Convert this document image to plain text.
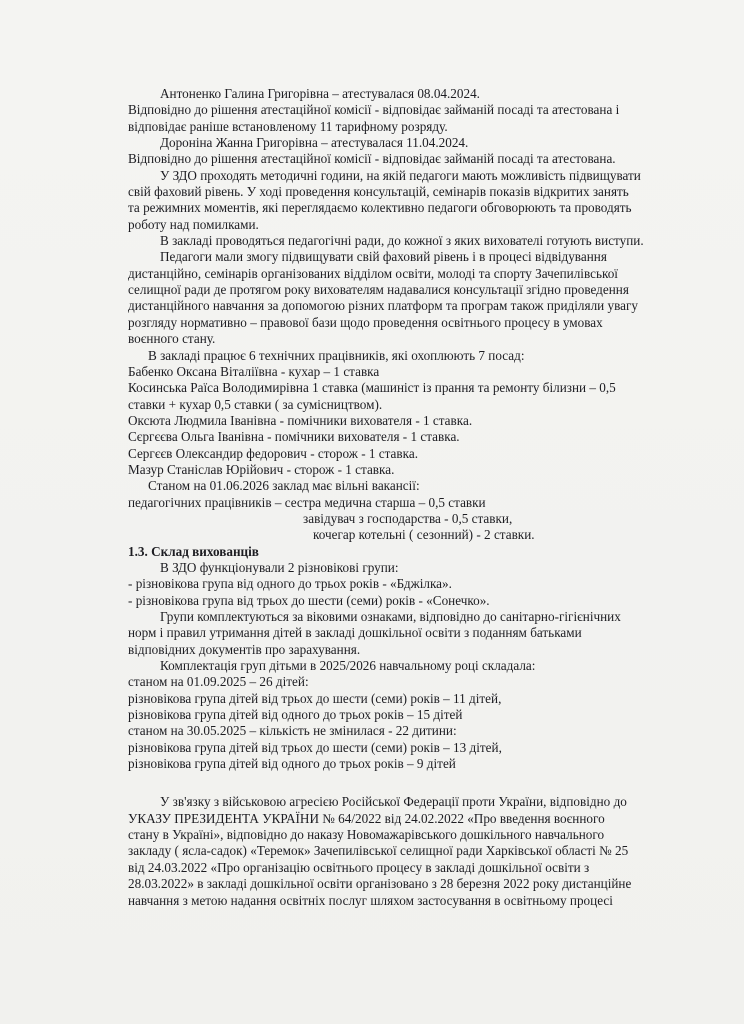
Антоненко Галина Григорівна – атестувалася 08.04.2024.
Відповідно до рішення атестаційної комісії - відповідає займаній посаді та атестована і
відповідає раніше встановленому 11 тарифному розряду.
Дороніна Жанна Григорівна – атестувалася 11.04.2024.
Відповідно до рішення атестаційної комісії - відповідає займаній посаді та атестована.
У ЗДО проходять методичні години, на якій педагоги мають можливість підвищувати
свій фаховий рівень. У ході проведення консультацій, семінарів показів відкритих занять
та режимних моментів, які переглядаємо колективно педагоги обговорюють та проводять
роботу над помилками.
В закладі проводяться педагогічні ради, до кожної з яких вихователі готують виступи.
Педагоги мали змогу підвищувати свій фаховий рівень і в процесі відвідування
дистанційно, семінарів організованих відділом освіти, молоді та спорту Зачепилівської
селищної ради де протягом року вихователям надавалися консультації згідно проведення
дистанційного навчання за допомогою різних платформ та програм також приділяли увагу
розгляду нормативно – правової бази щодо проведення освітнього процесу в умовах
воєнного стану.
В закладі працює 6 технічних працівників, які охоплюють 7 посад:
Бабенко Оксана Віталіївна - кухар – 1 ставка
Косинська Раїса Володимирівна 1 ставка (машиніст із прання та ремонту білизни – 0,5
ставки + кухар 0,5 ставки ( за сумісництвом).
Оксюта Людмила Іванівна - помічники вихователя - 1 ставка.
Сєргєєва Ольга Іванівна - помічники вихователя - 1 ставка.
Сергєєв Олександир федорович - сторож - 1 ставка.
Мазур Станіслав Юрійович - сторож - 1 ставка.
Станом на 01.06.2026 заклад має вільні вакансії:
педагогічних працівників – сестра медична старша – 0,5 ставки
завідувач з господарства - 0,5 ставки,
кочегар котельні ( сезонний) - 2 ставки.
1.3. Склад вихованців
В ЗДО функціонували 2 різновікові групи:
- різновікова група від одного до трьох років - «Бджілка».
- різновікова група від трьох до шести (семи) років - «Сонечко».
Групи комплектуються за віковими ознаками, відповідно до санітарно-гігієнічних
норм і правил утримання дітей в закладі дошкільної освіти з поданням батьками
відповідних документів про зарахування.
Комплектація груп дітьми в 2025/2026 навчальному році складала:
станом на 01.09.2025 – 26 дітей:
різновікова група дітей від трьох до шести (семи) років – 11 дітей,
різновікова група дітей від одного до трьох років – 15 дітей
станом на 30.05.2025 – кількість не змінилася - 22 дитини:
різновікова група дітей від трьох до шести (семи) років – 13 дітей,
різновікова група дітей від одного до трьох років – 9 дітей
У зв'язку з військовою агресією Російської Федерації проти України, відповідно до
УКАЗУ ПРЕЗИДЕНТА УКРАЇНИ № 64/2022 від 24.02.2022 «Про введення воєнного
стану в Україні», відповідно до наказу Новомажарівського дошкільного навчального
закладу ( ясла-садок) «Теремок» Зачепилівської селищної ради Харківської області № 25
від 24.03.2022 «Про організацію освітнього процесу в закладі дошкільної освіти з
28.03.2022» в закладі дошкільної освіти організовано з 28 березня 2022 року дистанційне
навчання з метою надання освітніх послуг шляхом застосування в освітньому процесі
